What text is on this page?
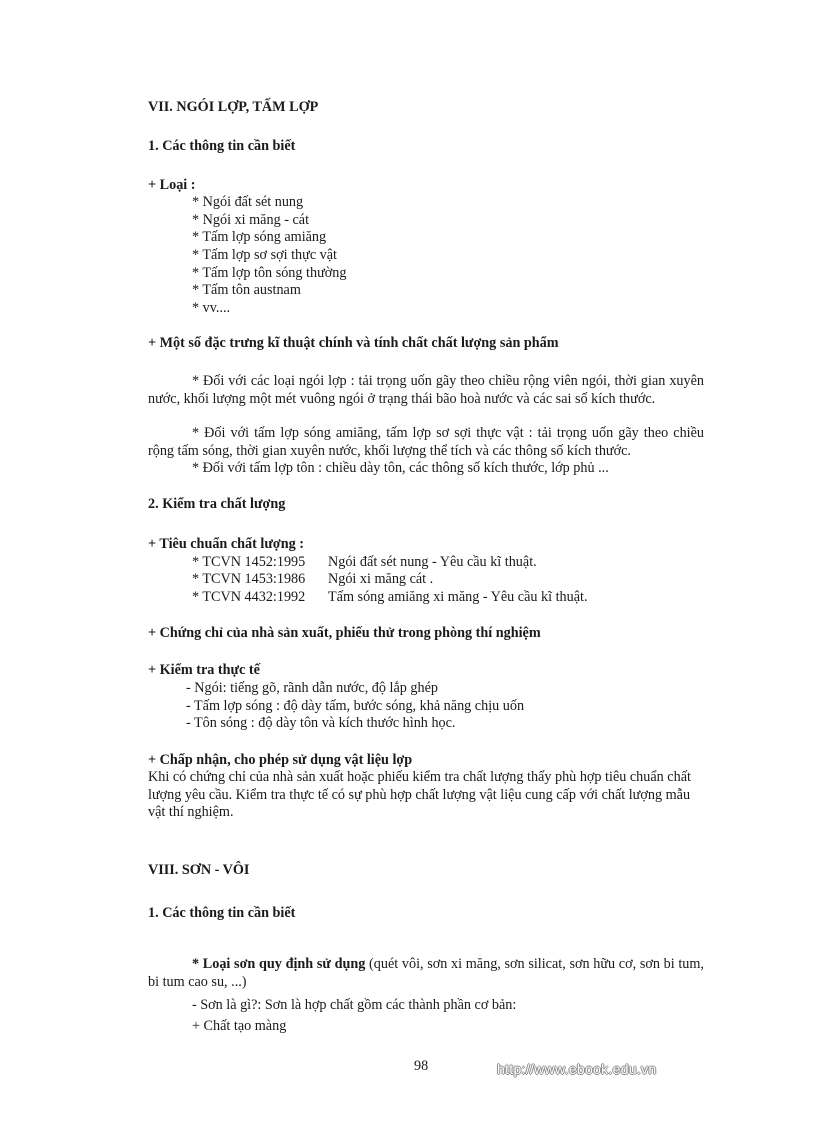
VII. NGÓI LỢP, TẤM LỢP
1. Các thông tin cần biết
+ Loại :
* Ngói đất sét nung
* Ngói xi măng - cát
* Tấm lợp sóng amiăng
* Tấm lợp sơ sợi thực vật
* Tấm lợp tôn sóng thường
* Tấm tôn austnam
* vv....
+ Một số đặc trưng kĩ thuật chính và tính chất chất lượng sản phẩm
* Đối với các loại ngói lợp : tải trọng uốn gãy theo chiều rộng viên ngói, thời gian xuyên nước, khối lượng một mét vuông ngói ở trạng thái bão hoà nước và các sai số kích thước.
* Đối với tấm lợp sóng amiăng, tấm lợp sơ sợi thực vật : tải trọng uốn gãy theo chiều rộng tấm sóng, thời gian xuyên nước, khối lượng thể tích và các thông số kích thước.
* Đối với tấm lợp tôn : chiều dày tôn, các thông số kích thước, lớp phủ ...
2. Kiểm tra chất lượng
+ Tiêu chuẩn chất lượng :
* TCVN 1452:1995 Ngói đất sét nung - Yêu cầu kĩ thuật.
* TCVN 1453:1986 Ngói xi măng cát .
* TCVN 4432:1992 Tấm sóng amiăng xi măng - Yêu cầu kĩ thuật.
+ Chứng chỉ của nhà sản xuất, phiếu thử trong phòng thí nghiệm
+ Kiểm tra thực tế
- Ngói: tiếng gõ, rãnh dẫn nước, độ lắp ghép
- Tấm lợp sóng : độ dày tấm, bước sóng, khả năng chịu uốn
- Tôn sóng : độ dày tôn và kích thước hình học.
+ Chấp nhận, cho phép sử dụng vật liệu lợp
Khi có chứng chỉ của nhà sản xuất hoặc phiếu kiểm tra chất lượng thấy phù hợp tiêu chuẩn chất lượng yêu cầu. Kiểm tra thực tế có sự phù hợp chất lượng vật liệu cung cấp với chất lượng mẫu vật thí nghiệm.
VIII. SƠN - VÔI
1. Các thông tin cần biết
* Loại sơn quy định sử dụng (quét vôi, sơn xi măng, sơn silicat, sơn hữu cơ, sơn bi tum, bi tum cao su, ...)
- Sơn là gì?: Sơn là hợp chất gồm các thành phần cơ bản:
+ Chất tạo màng
98	http://www.ebook.edu.vn
